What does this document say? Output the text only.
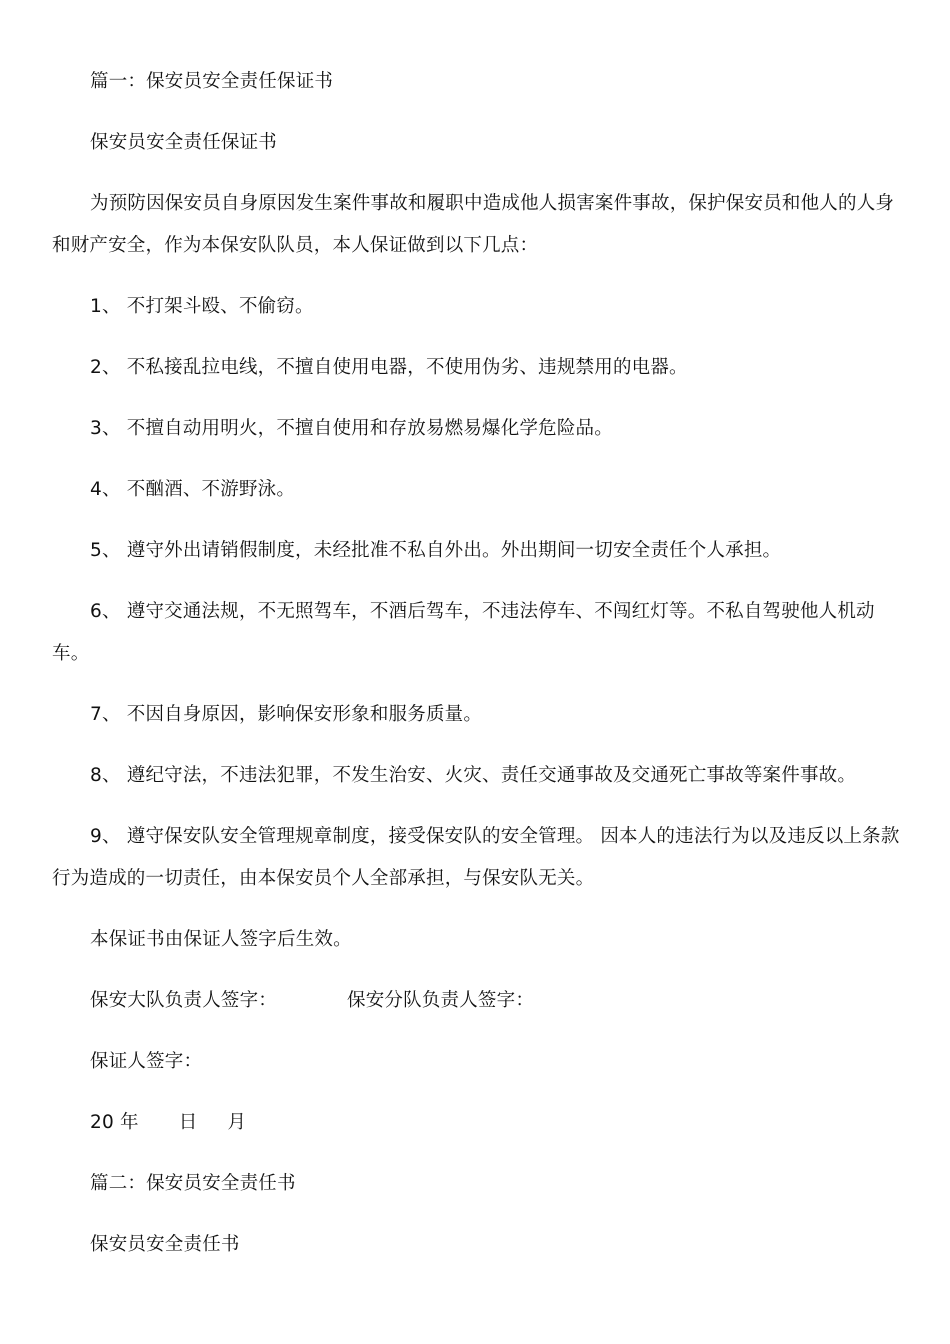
篇一：保安员安全责任保证书
保安员安全责任保证书
为预防因保安员自身原因发生案件事故和履职中造成他人损害案件事故，保护保安员和他人的人身和财产安全，作为本保安队队员，本人保证做到以下几点：
1、 不打架斗殴、不偷窃。
2、 不私接乱拉电线，不擅自使用电器，不使用伪劣、违规禁用的电器。
3、 不擅自动用明火，不擅自使用和存放易燃易爆化学危险品。
4、 不酗酒、不游野泳。
5、 遵守外出请销假制度，未经批准不私自外出。外出期间一切安全责任个人承担。
6、 遵守交通法规，不无照驾车，不酒后驾车，不违法停车、不闯红灯等。不私自驾驶他人机动车。
7、 不因自身原因，影响保安形象和服务质量。
8、 遵纪守法，不违法犯罪，不发生治安、火灾、责任交通事故及交通死亡事故等案件事故。
9、 遵守保安队安全管理规章制度，接受保安队的安全管理。 因本人的违法行为以及违反以上条款行为造成的一切责任，由本保安员个人全部承担，与保安队无关。
本保证书由保证人签字后生效。
保安大队负责人签字：	保安分队负责人签字：
保证人签字：
20 年 日 月
篇二：保安员安全责任书
保安员安全责任书
